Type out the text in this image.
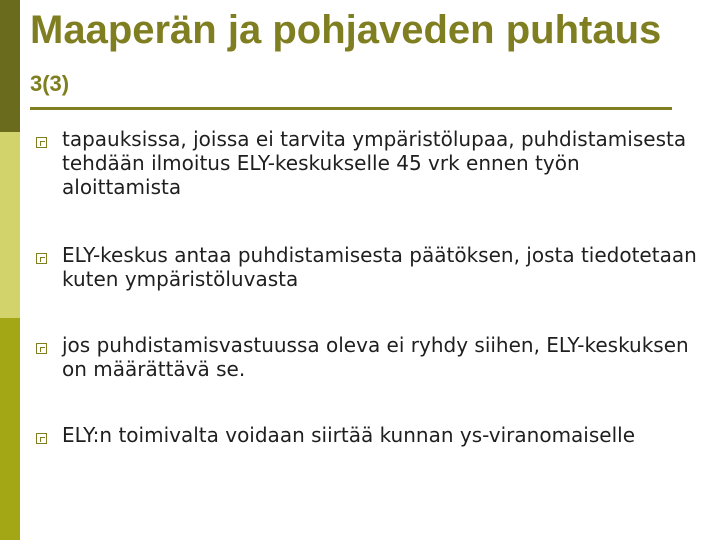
Maaperän ja pohjaveden puhtaus 3(3)
tapauksissa, joissa ei tarvita ympäristölupaa, puhdistamisesta tehdään ilmoitus ELY-keskukselle 45 vrk ennen työn aloittamista
ELY-keskus antaa puhdistamisesta päätöksen, josta tiedotetaan kuten ympäristöluvasta
jos puhdistamisvastuussa oleva ei ryhdy siihen, ELY-keskuksen on määrättävä se.
ELY:n toimivalta voidaan siirtää kunnan ys-viranomaiselle
